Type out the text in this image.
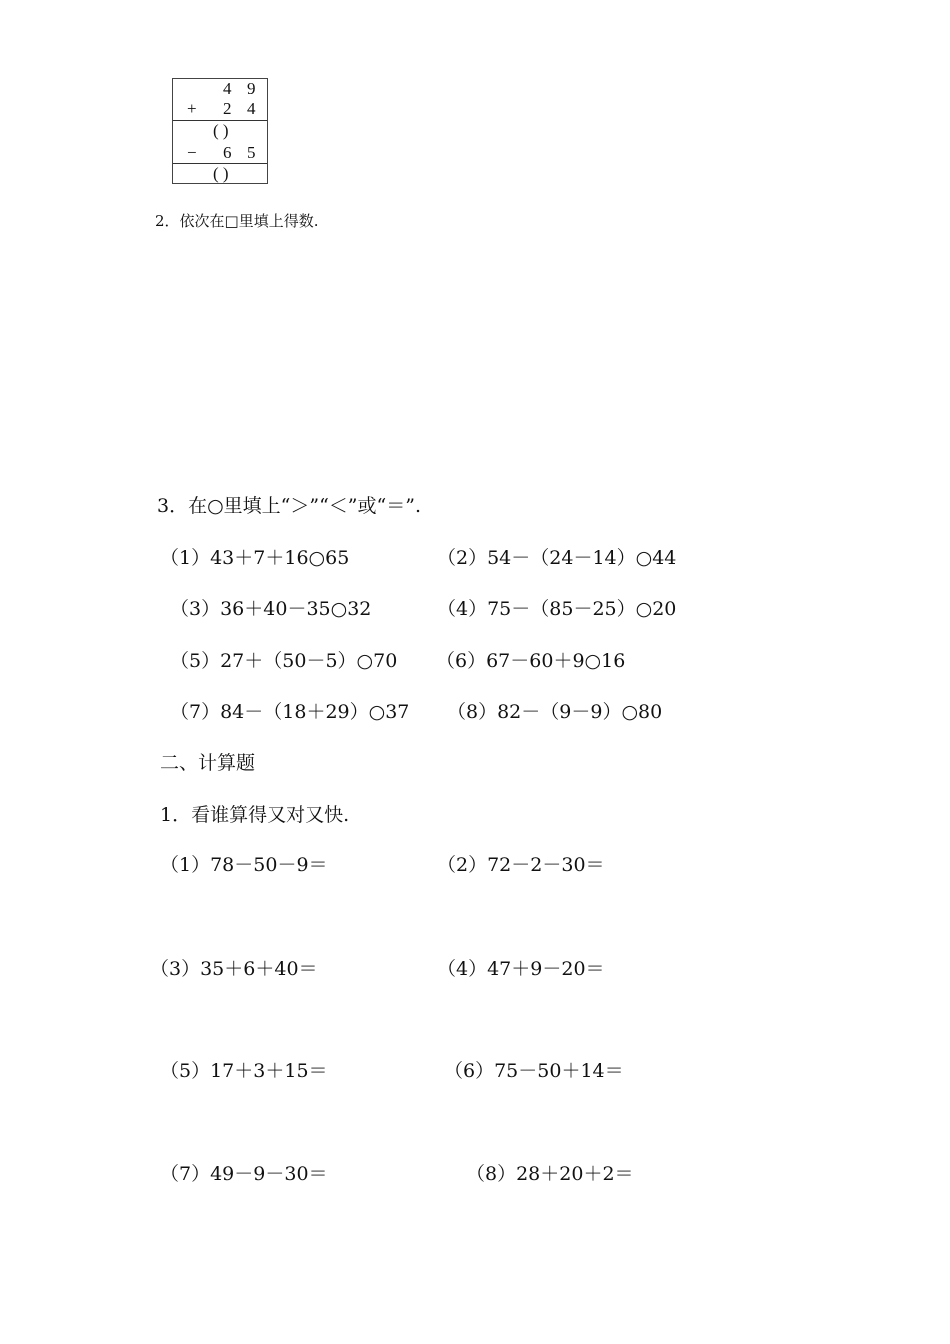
4 9
+ 2 4
( )
− 6 5
( )
2．依次在□里填上得数.
3．在○里填上“＞”“＜”或“＝”.
（1）43＋7＋16○65	（2）54－（24－14）○44
（3）36＋40－35○32	（4）75－（85－25）○20
（5）27＋（50－5）○70 （6）67－60＋9○16
（7）84－（18＋29）○37 （8）82－（9－9）○80
二、计算题
1．看谁算得又对又快.
（1）78－50－9＝	（2）72－2－30＝
（3）35＋6＋40＝	（4）47＋9－20＝
（5）17＋3＋15＝	（6）75－50＋14＝
（7）49－9－30＝	（8）28＋20＋2＝
